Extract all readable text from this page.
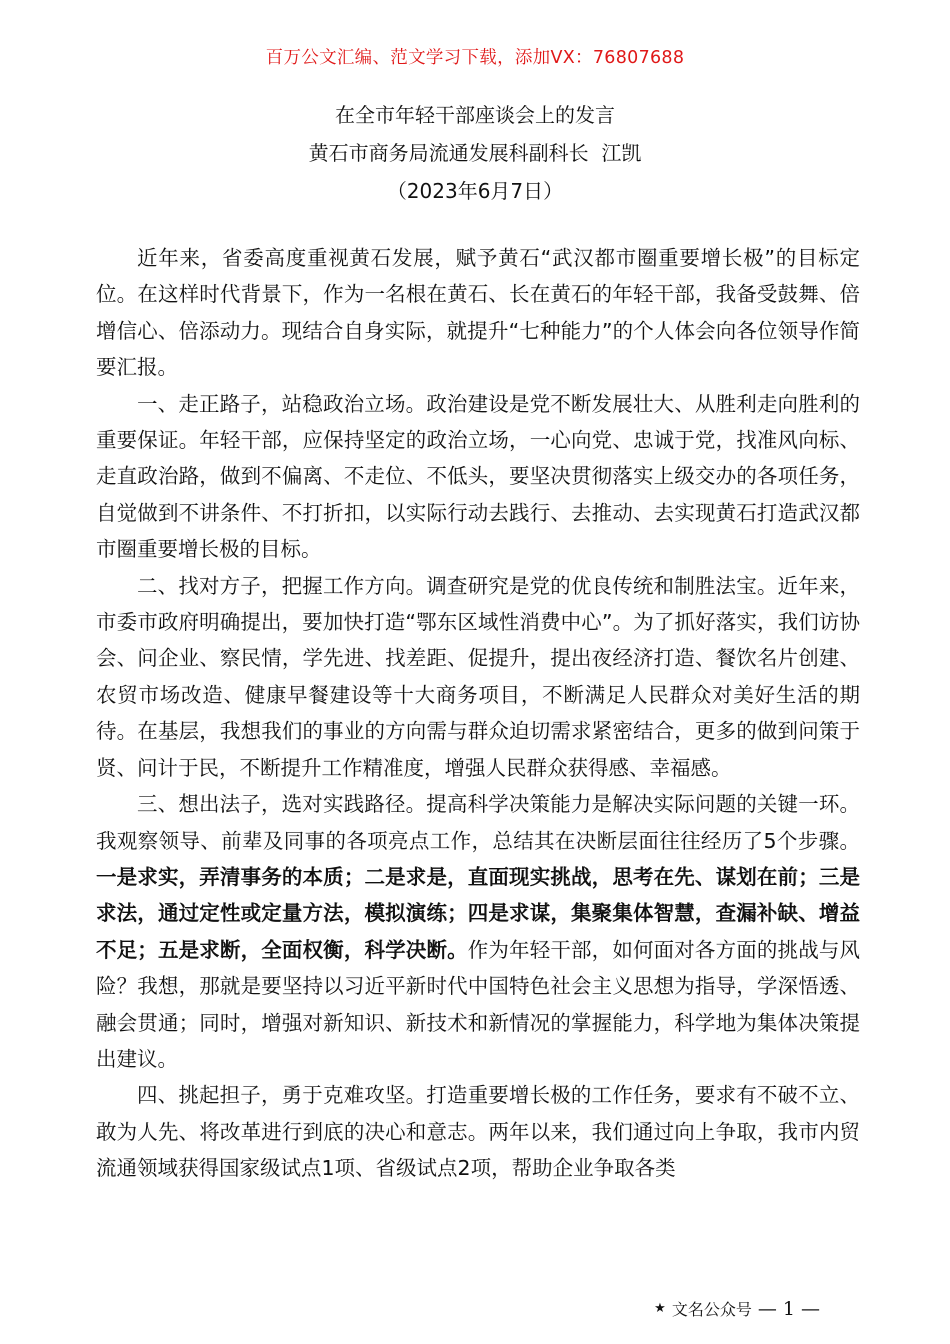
百万公文汇编、范文学习下载，添加VX：76807688
在全市年轻干部座谈会上的发言
黄石市商务局流通发展科副科长  江凯
（2023年6月7日）

近年来，省委高度重视黄石发展，赋予黄石“武汉都市圈重要增长极”的目标定位。在这样时代背景下，作为一名根在黄石、长在黄石的年轻干部，我备受鼓舞、倍增信心、倍添动力。现结合自身实际，就提升“七种能力”的个人体会向各位领导作简要汇报。

一、走正路子，站稳政治立场。政治建设是党不断发展壮大、从胜利走向胜利的重要保证。年轻干部，应保持坚定的政治立场，一心向党、忠诚于党，找准风向标、走直政治路，做到不偏离、不走位、不低头，要坚决贯彻落实上级交办的各项任务，自觉做到不讲条件、不打折扣，以实际行动去践行、去推动、去实现黄石打造武汉都市圈重要增长极的目标。

二、找对方子，把握工作方向。调查研究是党的优良传统和制胜法宝。近年来，市委市政府明确提出，要加快打造“鄂东区域性消费中心”。为了抓好落实，我们访协会、问企业、察民情，学先进、找差距、促提升，提出夜经济打造、餐饮名片创建、农贸市场改造、健康早餐建设等十大商务项目，不断满足人民群众对美好生活的期待。在基层，我想我们的事业的方向需与群众迫切需求紧密结合，更多的做到问策于贤、问计于民，不断提升工作精准度，增强人民群众获得感、幸福感。

三、想出法子，选对实践路径。提高科学决策能力是解决实际问题的关键一环。我观察领导、前辈及同事的各项亮点工作，总结其在决断层面往往经历了5个步骤。一是求实，弄清事务的本质；二是求是，直面现实挑战，思考在先、谋划在前；三是求法，通过定性或定量方法，模拟演练；四是求谋，集聚集体智慧，查漏补缺、增益不足；五是求断，全面权衡，科学决断。作为年轻干部，如何面对各方面的挑战与风险？我想，那就是要坚持以习近平新时代中国特色社会主义思想为指导，学深悟透、融会贯通；同时，增强对新知识、新技术和新情况的掌握能力，科学地为集体决策提出建议。

四、挑起担子，勇于克难攻坚。打造重要增长极的工作任务，要求有不破不立、敢为人先、将改革进行到底的决心和意志。两年以来，我们通过向上争取，我市内贸流通领域获得国家级试点1项、省级试点2项，帮助企业争取各类

★ 文名公众号 — 1 —
